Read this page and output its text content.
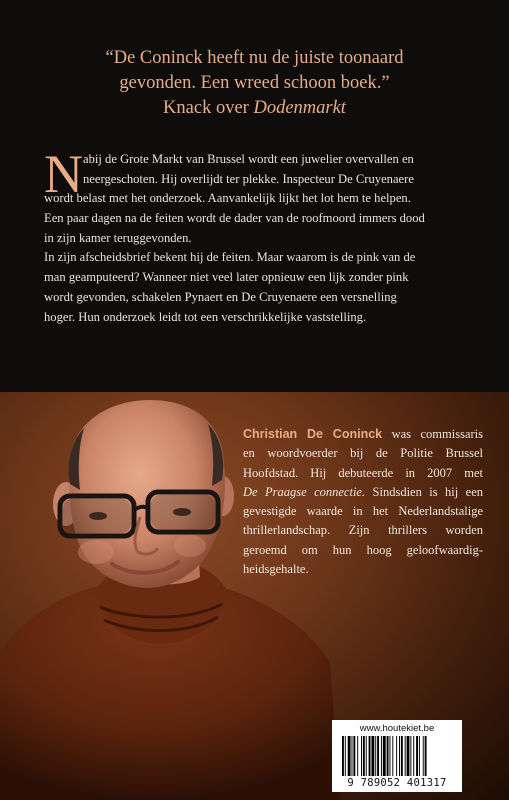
“De Coninck heeft nu de juiste toonaard
gevonden. Een wreed schoon boek.”
Knack over Dodenmarkt
N abij de Grote Markt van Brussel wordt een juwelier overvallen en
neergeschoten. Hij overlijdt ter plekke. Inspecteur De Cruyenaere
wordt belast met het onderzoek. Aanvankelijk lijkt het lot hem te helpen.
Een paar dagen na de feiten wordt de dader van de roofmoord immers dood
in zijn kamer teruggevonden.
In zijn afscheidsbrief bekent hij de feiten. Maar waarom is de pink van de
man geamputeerd? Wanneer niet veel later opnieuw een lijk zonder pink
wordt gevonden, schakelen Pynaert en De Cruyenaere een versnelling
hoger. Hun onderzoek leidt tot een verschrikkelijke vaststelling.
Christian De Coninck was commissaris
en woordvoerder bij de Politie Brussel
Hoofdstad. Hij debuteerde in 2007 met
De Praagse connectie. Sindsdien is hij een
gevestigde waarde in het Nederlandstalige
thrillerlandschap. Zijn thrillers worden
geroemd om hun hoog geloofwaardig-
heidsgehalte.
www.houtekiet.be
9 789052 401317
